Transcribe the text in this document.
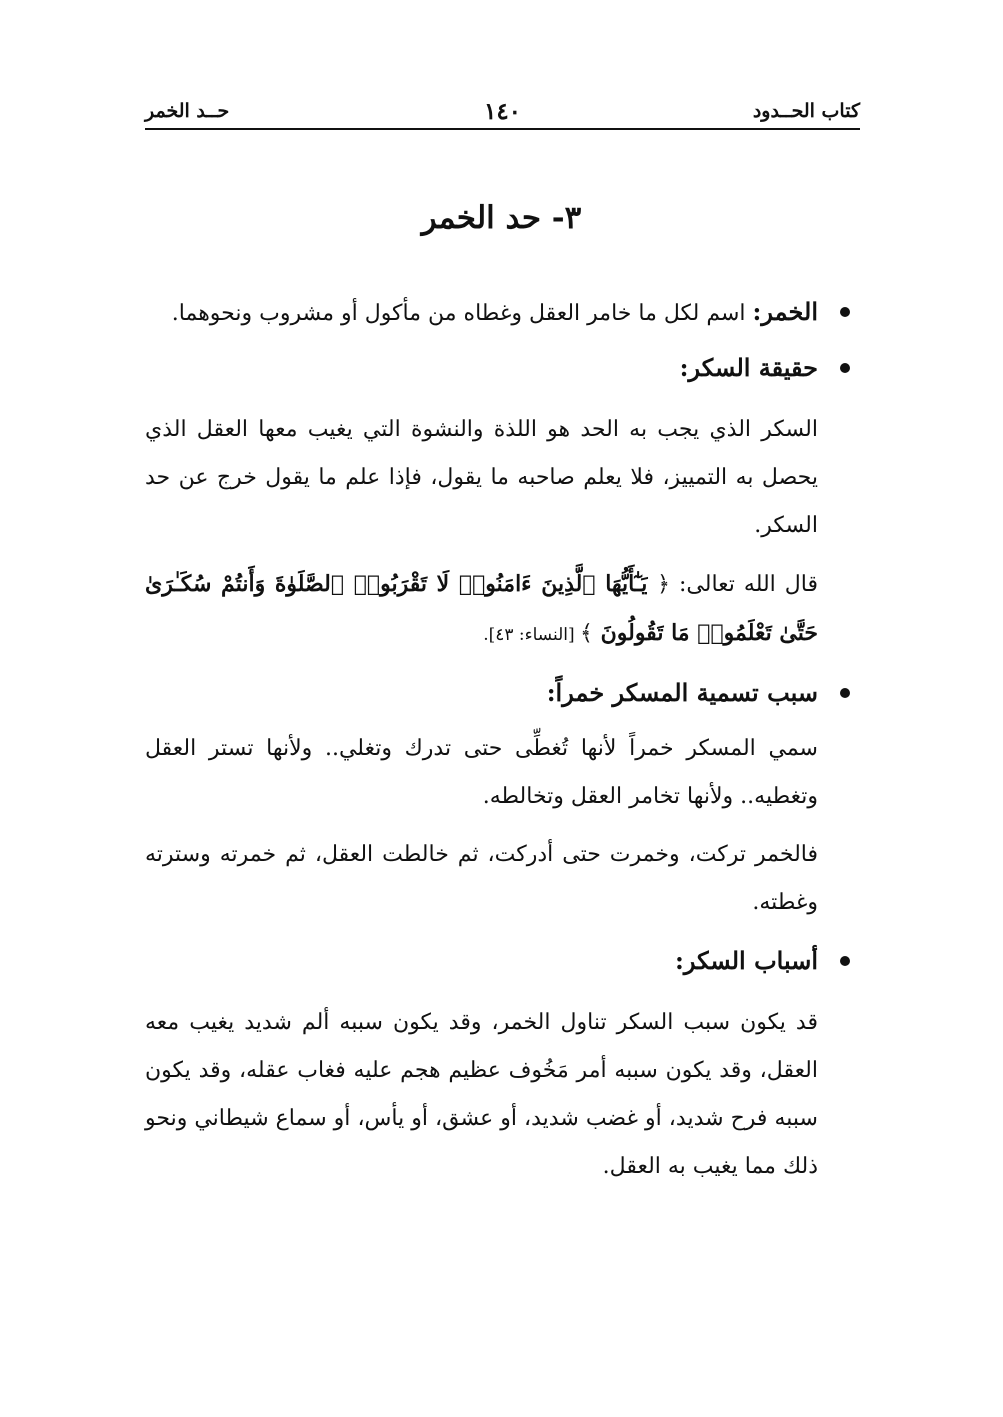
كتاب الحــدود
١٤٠
حــد الخمر
٣- حد الخمر

الخمر: اسم لكل ما خامر العقل وغطاه من مأكول أو مشروب ونحوهما.

حقيقة السكر:

السكر الذي يجب به الحد هو اللذة والنشوة التي يغيب معها العقل الذي يحصل به التمييز، فلا يعلم صاحبه ما يقول، فإذا علم ما يقول خرج عن حد السكر.

قال الله تعالى: ﴿ يَـٰٓأَيُّهَا ٱلَّذِينَ ءَامَنُوا۟ لَا تَقْرَبُوا۟ ٱلصَّلَوٰةَ وَأَنتُمْ سُكَـٰرَىٰ حَتَّىٰ تَعْلَمُوا۟ مَا تَقُولُونَ ﴾ [النساء: ٤٣].

سبب تسمية المسكر خمراً:

سمي المسكر خمراً لأنها تُغطِّى حتى تدرك وتغلي.. ولأنها تستر العقل وتغطيه.. ولأنها تخامر العقل وتخالطه.

فالخمر تركت، وخمرت حتى أدركت، ثم خالطت العقل، ثم خمرته وسترته وغطته.

أسباب السكر:

قد يكون سبب السكر تناول الخمر، وقد يكون سببه ألم شديد يغيب معه العقل، وقد يكون سببه أمر مَخُوف عظيم هجم عليه فغاب عقله، وقد يكون سببه فرح شديد، أو غضب شديد، أو عشق، أو يأس، أو سماع شيطاني ونحو ذلك مما يغيب به العقل.
